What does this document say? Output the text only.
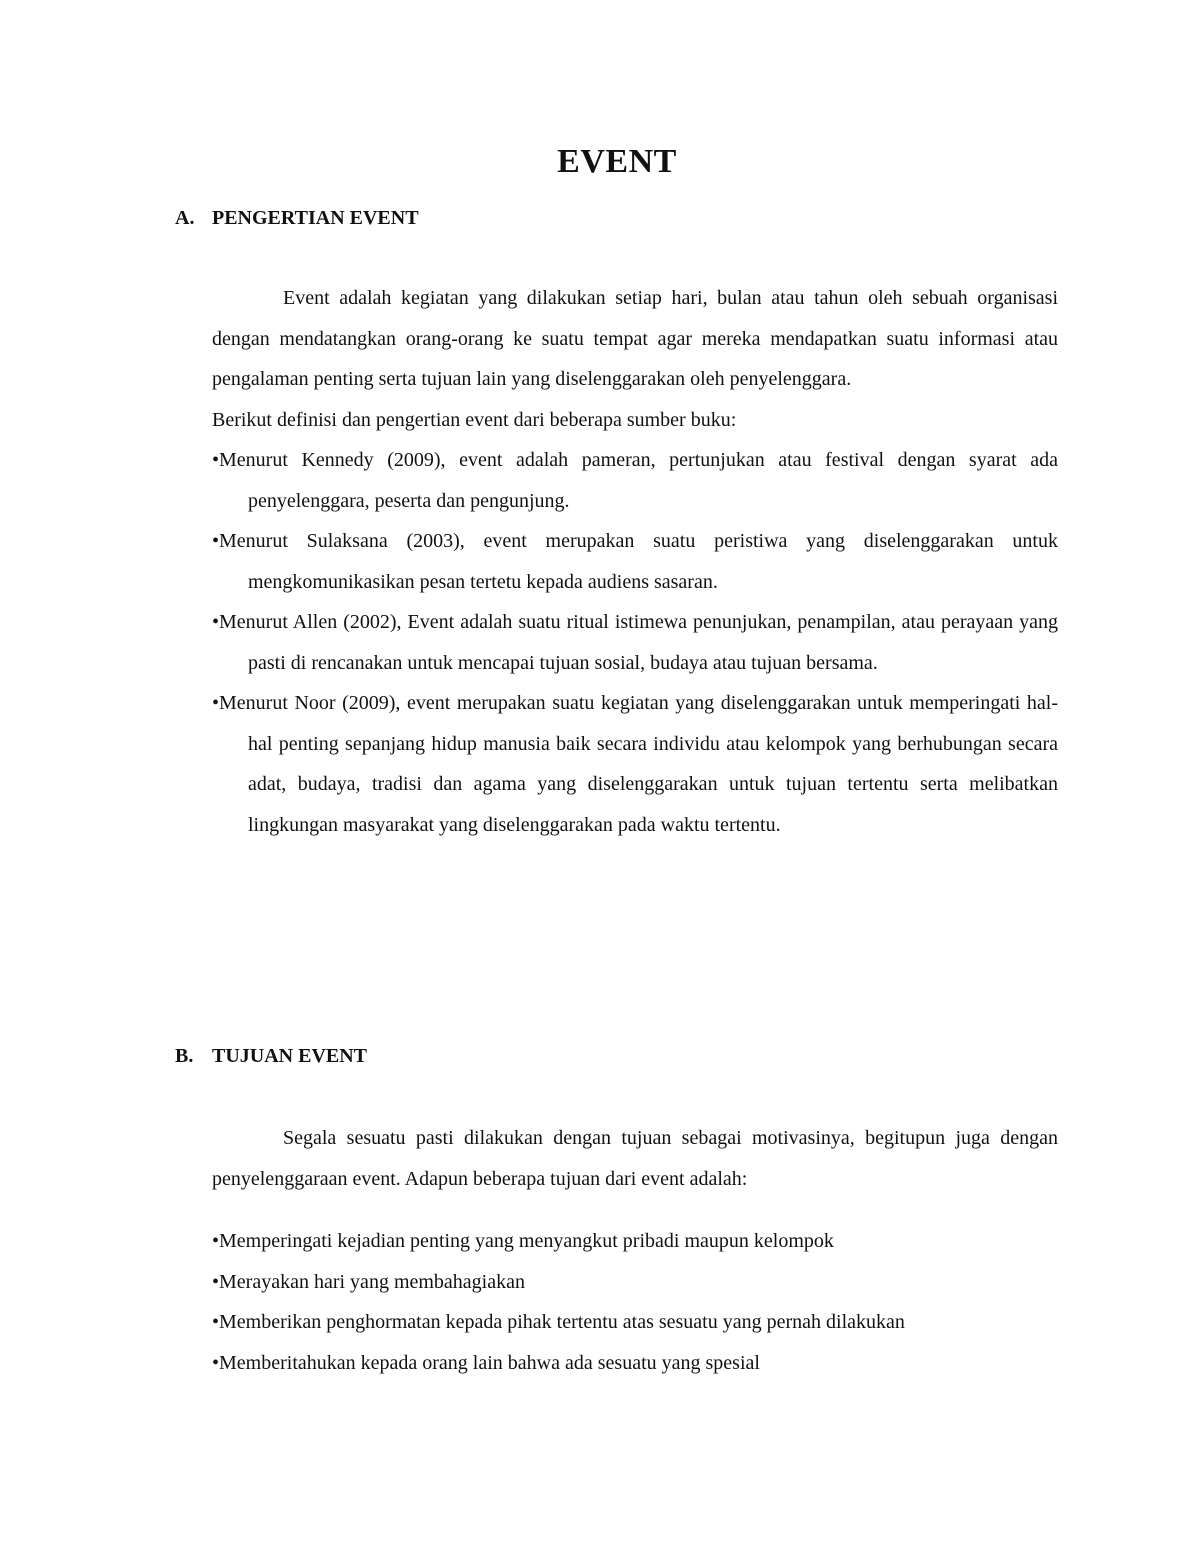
EVENT
A. PENGERTIAN EVENT

Event adalah kegiatan yang dilakukan setiap hari, bulan atau tahun oleh sebuah organisasi dengan mendatangkan orang-orang ke suatu tempat agar mereka mendapatkan suatu informasi atau pengalaman penting serta tujuan lain yang diselenggarakan oleh penyelenggara.

Berikut definisi dan pengertian event dari beberapa sumber buku:

•Menurut Kennedy (2009), event adalah pameran, pertunjukan atau festival dengan syarat ada penyelenggara, peserta dan pengunjung.

•Menurut Sulaksana (2003), event merupakan suatu peristiwa yang diselenggarakan untuk mengkomunikasikan pesan tertetu kepada audiens sasaran.

•Menurut Allen (2002), Event adalah suatu ritual istimewa penunjukan, penampilan, atau perayaan yang pasti di rencanakan untuk mencapai tujuan sosial, budaya atau tujuan bersama.

•Menurut Noor (2009), event merupakan suatu kegiatan yang diselenggarakan untuk memperingati hal-hal penting sepanjang hidup manusia baik secara individu atau kelompok yang berhubungan secara adat, budaya, tradisi dan agama yang diselenggarakan untuk tujuan tertentu serta melibatkan lingkungan masyarakat yang diselenggarakan pada waktu tertentu.

B. TUJUAN EVENT

Segala sesuatu pasti dilakukan dengan tujuan sebagai motivasinya, begitupun juga dengan penyelenggaraan event. Adapun beberapa tujuan dari event adalah:

•Memperingati kejadian penting yang menyangkut pribadi maupun kelompok

•Merayakan hari yang membahagiakan

•Memberikan penghormatan kepada pihak tertentu atas sesuatu yang pernah dilakukan

•Memberitahukan kepada orang lain bahwa ada sesuatu yang spesial
